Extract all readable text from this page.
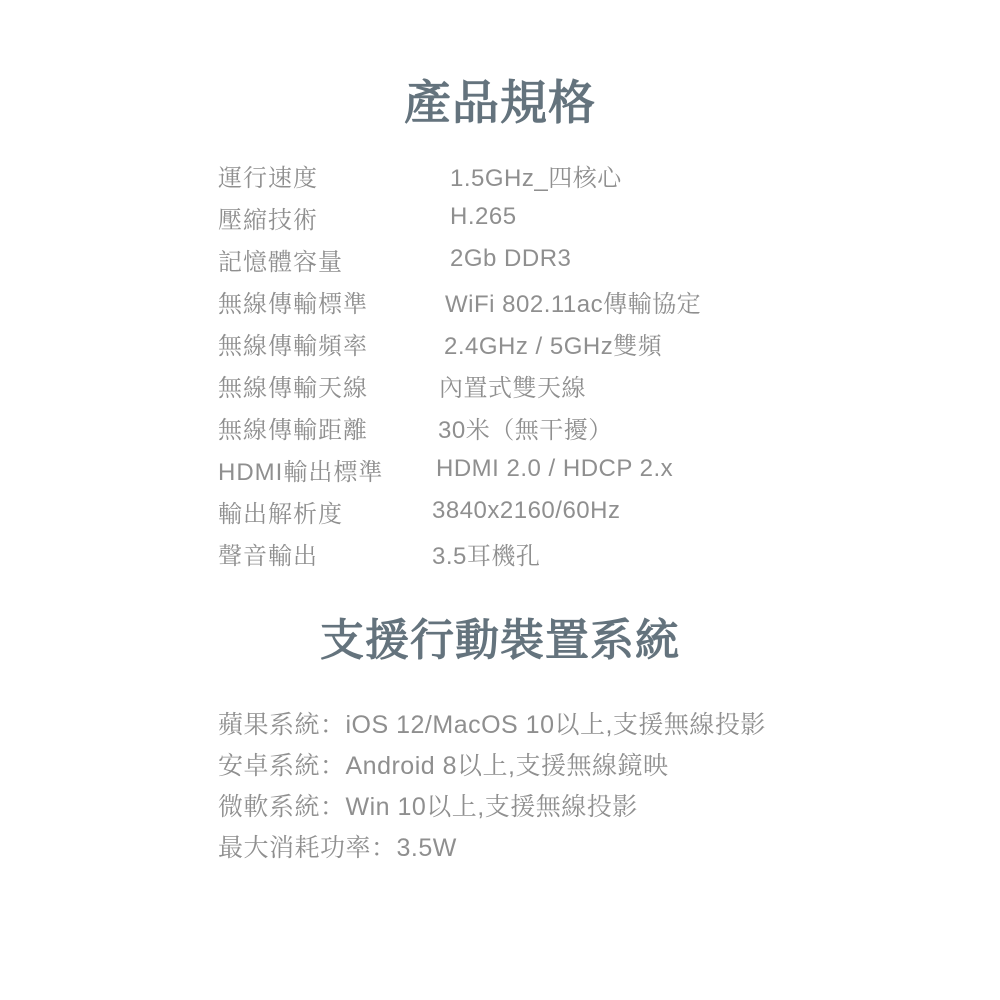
產品規格
運行速度	1.5GHz_四核心
壓縮技術	H.265
記憶體容量	2Gb DDR3
無線傳輸標準	WiFi 802.11ac傳輸協定
無線傳輸頻率	2.4GHz / 5GHz雙頻
無線傳輸天線	內置式雙天線
無線傳輸距離	30米（無干擾）
HDMI輸出標準	HDMI 2.0 / HDCP 2.x
輸出解析度	3840x2160/60Hz
聲音輸出	3.5耳機孔
支援行動裝置系統
蘋果系統：iOS 12/MacOS 10以上,支援無線投影
安卓系統：Android 8以上,支援無線鏡映
微軟系統：Win 10以上,支援無線投影
最大消耗功率：3.5W
